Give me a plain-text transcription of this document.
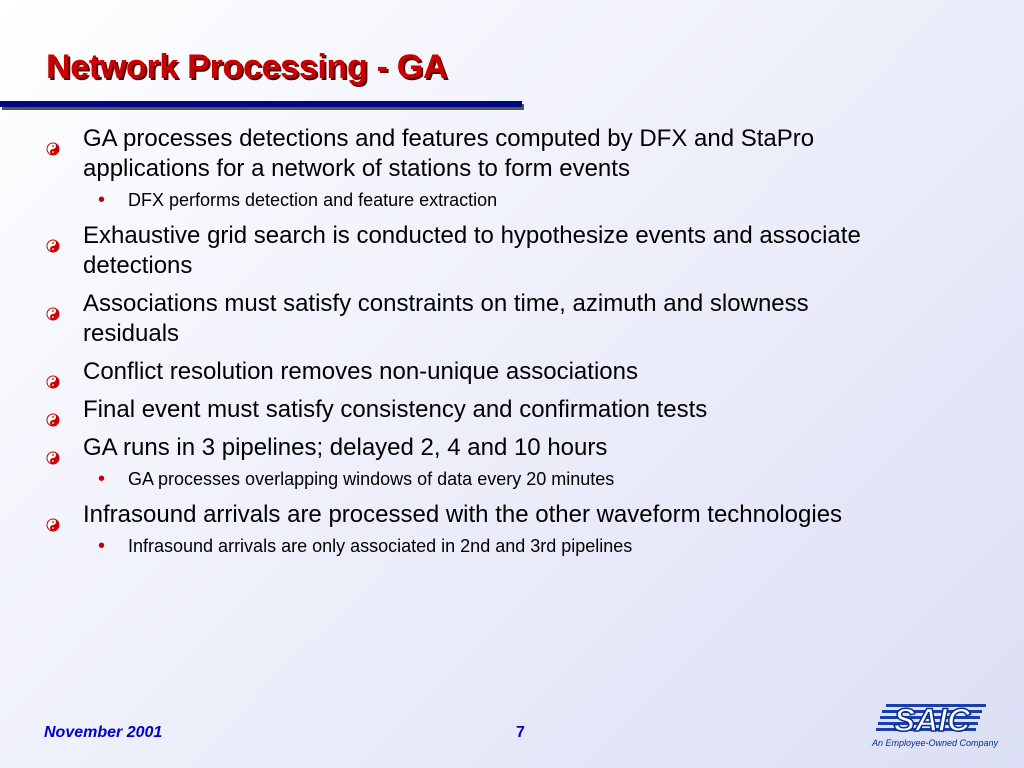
Network Processing - GA
GA processes detections and features computed by DFX and StaPro applications for a network of stations to form events
• DFX performs detection and feature extraction
Exhaustive grid search is conducted to hypothesize events and associate detections
Associations must satisfy constraints on time, azimuth and slowness residuals
Conflict resolution removes non-unique associations
Final event must satisfy consistency and confirmation tests
GA runs in 3 pipelines; delayed 2, 4 and 10 hours
• GA processes overlapping windows of data every 20 minutes
Infrasound arrivals are processed with the other waveform technologies
• Infrasound arrivals are only associated in 2nd and 3rd pipelines
November 2001	7	SAIC
An Employee-Owned Company
